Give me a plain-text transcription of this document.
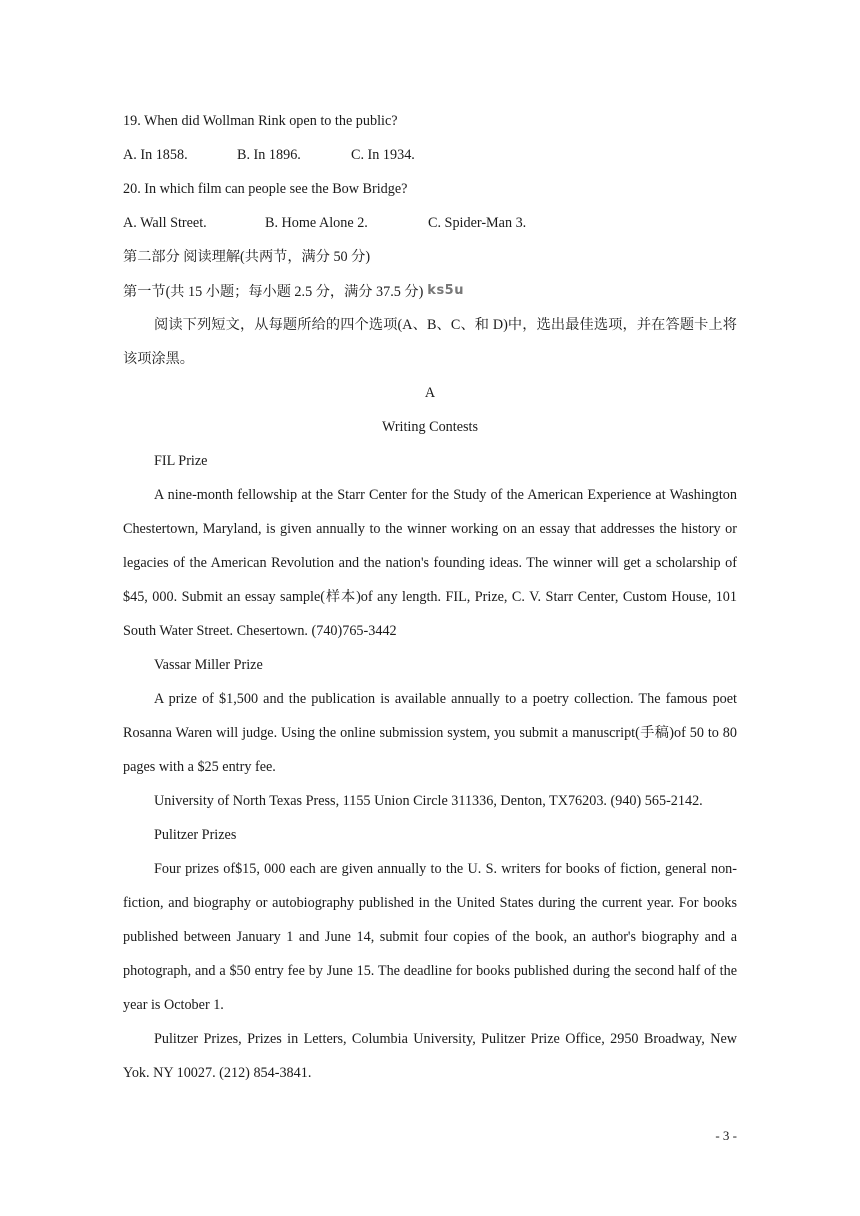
19. When did Wollman Rink open to the public?
A. In 1858.	B. In 1896.	C. In 1934.
20. In which film can people see the Bow Bridge?
A. Wall Street.	B. Home Alone 2.	C. Spider-Man 3.
第二部分 阅读理解(共两节，满分 50 分)
第一节(共 15 小题；每小题 2.5 分，满分 37.5 分) ks5u
阅读下列短文，从每题所给的四个选项(A、B、C、和 D)中，选出最佳选项，并在答题卡上将该项涂黑。
A
Writing Contests
FIL Prize
A nine-month fellowship at the Starr Center for the Study of the American Experience at Washington Chestertown, Maryland, is given annually to the winner working on an essay that addresses the history or legacies of the American Revolution and the nation's founding ideas. The winner will get a scholarship of $45, 000. Submit an essay sample(样本)of any length. FIL, Prize, C. V. Starr Center, Custom House, 101 South Water Street. Chesertown. (740)765-3442
Vassar Miller Prize
A prize of $1,500 and the publication is available annually to a poetry collection. The famous poet Rosanna Waren will judge. Using the online submission system, you submit a manuscript(手稿)of 50 to 80 pages with a $25 entry fee.
University of North Texas Press, 1155 Union Circle 311336, Denton, TX76203. (940) 565-2142.
Pulitzer Prizes
Four prizes of$15, 000 each are given annually to the U. S. writers for books of fiction, general non-fiction, and biography or autobiography published in the United States during the current year. For books published between January 1 and June 14, submit four copies of the book, an author's biography and a photograph, and a $50 entry fee by June 15. The deadline for books published during the second half of the year is October 1.
Pulitzer Prizes, Prizes in Letters, Columbia University, Pulitzer Prize Office, 2950 Broadway, New Yok. NY 10027. (212) 854-3841.
- 3 -
